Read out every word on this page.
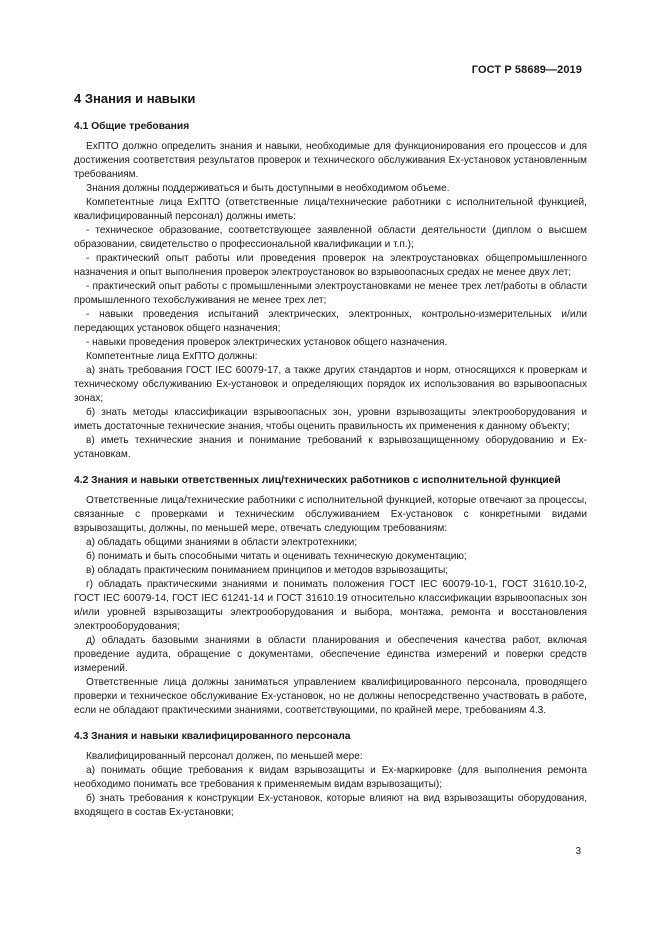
ГОСТ Р 58689—2019
4 Знания и навыки
4.1 Общие требования

ЕхПТО должно определить знания и навыки, необходимые для функционирования его процессов и для достижения соответствия результатов проверок и технического обслуживания Ех-установок установленным требованиям.

Знания должны поддерживаться и быть доступными в необходимом объеме.

Компетентные лица ЕхПТО (ответственные лица/технические работники с исполнительной функцией, квалифицированный персонал) должны иметь:

- техническое образование, соответствующее заявленной области деятельности (диплом о высшем образовании, свидетельство о профессиональной квалификации и т.п.);

- практический опыт работы или проведения проверок на электроустановках общепромышленного назначения и опыт выполнения проверок электроустановок во взрывоопасных средах не менее двух лет;

- практический опыт работы с промышленными электроустановками не менее трех лет/работы в области промышленного техобслуживания не менее трех лет;

- навыки проведения испытаний электрических, электронных, контрольно-измерительных и/или передающих установок общего назначения;

- навыки проведения проверок электрических установок общего назначения.

Компетентные лица ЕхПТО должны:

а) знать требования ГОСТ IEC 60079-17, а также других стандартов и норм, относящихся к проверкам и техническому обслуживанию Ех-установок и определяющих порядок их использования во взрывоопасных зонах;

б) знать методы классификации взрывоопасных зон, уровни взрывозащиты электрооборудования и иметь достаточные технические знания, чтобы оценить правильность их применения к данному объекту;

в) иметь технические знания и понимание требований к взрывозащищенному оборудованию и Ех-установкам.

4.2 Знания и навыки ответственных лиц/технических работников с исполнительной функцией

Ответственные лица/технические работники с исполнительной функцией, которые отвечают за процессы, связанные с проверками и техническим обслуживанием Ех-установок с конкретными видами взрывозащиты, должны, по меньшей мере, отвечать следующим требованиям:

а) обладать общими знаниями в области электротехники;

б) понимать и быть способными читать и оценивать техническую документацию;

в) обладать практическим пониманием принципов и методов взрывозащиты;

г) обладать практическими знаниями и понимать положения ГОСТ IEC 60079-10-1, ГОСТ 31610.10-2, ГОСТ IEC 60079-14, ГОСТ IEC 61241-14 и ГОСТ 31610.19 относительно классификации взрывоопасных зон и/или уровней взрывозащиты электрооборудования и выбора, монтажа, ремонта и восстановления электрооборудования;

д) обладать базовыми знаниями в области планирования и обеспечения качества работ, включая проведение аудита, обращение с документами, обеспечение единства измерений и поверки средств измерений.

Ответственные лица должны заниматься управлением квалифицированного персонала, проводящего проверки и техническое обслуживание Ех-установок, но не должны непосредственно участвовать в работе, если не обладают практическими знаниями, соответствующими, по крайней мере, требованиям 4.3.

4.3 Знания и навыки квалифицированного персонала

Квалифицированный персонал должен, по меньшей мере:

а) понимать общие требования к видам взрывозащиты и Ех-маркировке (для выполнения ремонта необходимо понимать все требования к применяемым видам взрывозащиты);

б) знать требования к конструкции Ех-установок, которые влияют на вид взрывозащиты оборудования, входящего в состав Ех-установки;

3
